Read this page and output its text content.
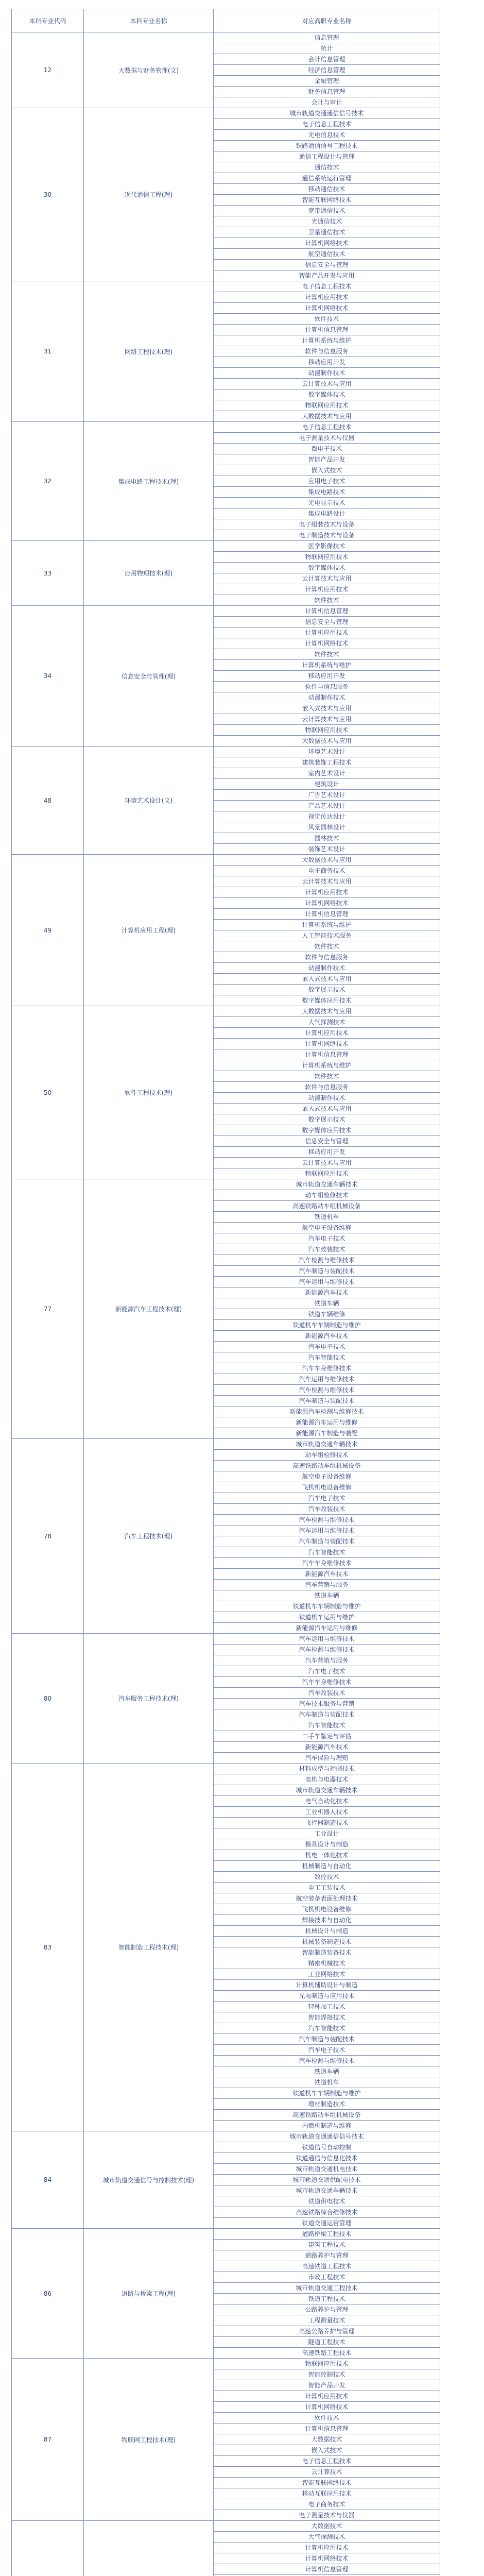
本科专业代码	本科专业名称	对应高职专业名称
12	大数据与财务管理(文)	信息管理
		统计
		会计信息管理
		经济信息管理
		金融管理
		财务信息管理
		会计与审计
30	现代通信工程(理)	城市轨道交通通信信号技术
		电子信息工程技术
		光电信息技术
		铁路通信信号工程技术
		通信工程设计与管理
		通信技术
		通信系统运行管理
		移动通信技术
		智能互联网络技术
		宽带通信技术
		光通信技术
		卫星通信技术
		计算机网络技术
		航空通信技术
		信息安全与管理
		智能产品开发与应用
31	网络工程技术(理)	电子信息工程技术
		计算机应用技术
		计算机网络技术
		软件技术
		计算机信息管理
		计算机系统与维护
		软件与信息服务
		移动应用开发
		动漫制作技术
		云计算技术与应用
		数字媒体技术
		物联网应用技术
		大数据技术与应用
32	集成电路工程技术(理)	电子信息工程技术
		电子测量技术与仪器
		微电子技术
		智能产品开发
		嵌入式技术
		应用电子技术
		集成电路技术
		光电显示技术
		集成电路设计
		电子组装技术与设备
		电子制造技术与设备
33	应用物理技术(理)	医学影像技术
		物联网应用技术
		数字媒体技术
		云计算技术与应用
		计算机应用技术
		软件技术
34	信息安全与管理(理)	计算机信息管理
		信息安全与管理
		计算机应用技术
		计算机网络技术
		软件技术
		计算机系统与维护
		移动应用开发
		软件与信息服务
		动漫制作技术
		嵌入式技术与应用
		云计算技术与应用
		物联网应用技术
		大数据技术与应用
48	环境艺术设计(文)	环境艺术设计
		建筑装饰工程技术
		室内艺术设计
		建筑设计
		广告艺术设计
		产品艺术设计
		视觉传达设计
		风景园林设计
		园林技术
		装饰艺术设计
49	计算机应用工程(理)	大数据技术与应用
		电子商务技术
		云计算技术与应用
		计算机应用技术
		计算机网络技术
		计算机信息管理
		计算机系统与维护
		人工智能技术服务
		软件技术
		软件与信息服务
		动漫制作技术
		嵌入式技术与应用
		数字展示技术
		数字媒体应用技术
50	软件工程技术(理)	大数据技术与应用
		大气探测技术
		计算机应用技术
		计算机网络技术
		计算机信息管理
		计算机系统与维护
		软件技术
		软件与信息服务
		动漫制作技术
		嵌入式技术与应用
		数字展示技术
		数字媒体应用技术
		信息安全与管理
		移动应用开发
		云计算技术与应用
		物联网应用技术
77	新能源汽车工程技术(理)	城市轨道交通车辆技术
		动车组检修技术
		高速铁路动车组机械设备
		铁道机车
		航空电子设备维修
		汽车电子技术
		汽车改装技术
		汽车检测与维修技术
		汽车制造与装配技术
		汽车运用与维修技术
		新能源汽车技术
		铁道车辆
		铁道车辆维修
		铁道机车车辆制造与维护
		新能源汽车技术
		汽车电子技术
		汽车智能技术
		汽车车身维修技术
		汽车运用与维修技术
		汽车检测与维修技术
		汽车制造与装配技术
		新能源汽车检测与维修技术
		新能源汽车运用与维修
		新能源汽车制造与装配
78	汽车工程技术(理)	城市轨道交通车辆技术
		动车组检修技术
		高速铁路动车组机械设备
		航空电子设备维修
		飞机机电设备维修
		汽车电子技术
		汽车改装技术
		汽车检测与维修技术
		汽车运用与维修技术
		汽车制造与装配技术
		汽车智能技术
		汽车车身维修技术
		新能源汽车技术
		汽车营销与服务
		铁道车辆
		铁道机车车辆制造与维护
		铁道机车运用与维护
		新能源汽车运用与维修
80	汽车服务工程技术(理)	汽车运用与维修技术
		汽车检测与维修技术
		汽车营销与服务
		汽车电子技术
		汽车车身维修技术
		汽车改装技术
		汽车技术服务与营销
		汽车制造与装配技术
		汽车智能技术
		二手车鉴定与评估
		新能源汽车技术
		汽车保险与理赔
83	智能制造工程技术(理)	材料成型与控制技术
		电机与电器技术
		城市轨道交通车辆技术
		电气自动化技术
		工业机器人技术
		飞行器制造技术
		工业设计
		模具设计与制造
		机电一体化技术
		机械制造与自动化
		数控技术
		电工工装技术
		航空装备表面处理技术
		飞机机电设备维修
		焊接技术与自动化
		机械设计与制造
		机械装备制造技术
		智能制造装备技术
		精密机械技术
		工业网络技术
		计算机辅助设计与制造
		光电制造与应用技术
		特种加工技术
		智能焊接技术
		汽车智能技术
		汽车制造与装配技术
		汽车电子技术
		汽车检测与维修技术
		铁道车辆
		铁道机车
		铁道机车车辆制造与维护
		增材制造技术
		高速铁路动车组机械设备
		内燃机制造与维修
84	城市轨道交通信号与控制技术(理)	城市轨道交通通信信号技术
		铁道信号自动控制
		铁道通信与信息化技术
		城市轨道交通机电技术
		城市轨道交通供配电技术
		城市轨道交通车辆技术
		铁道供电技术
		高速铁路综合维修技术
		铁道交通运营管理
86	道路与桥梁工程(理)	道路桥梁工程技术
		建筑工程技术
		道路养护与管理
		高速铁道工程技术
		市政工程技术
		城市轨道交通工程技术
		铁道工程技术
		公路养护与管理
		工程测量技术
		高速公路养护与管理
		隧道工程技术
		高速铁路工程技术
87	物联网工程技术(理)	物联网应用技术
		智能控制技术
		智能产品开发
		计算机应用技术
		计算机网络技术
		软件技术
		计算机信息管理
		大数据技术
		嵌入式技术
		电子信息工程技术
		云计算技术
		智能互联网络技术
		移动互联应用技术
		电子商务技术
		电子测量技术与仪器
		大数据技术
		大气探测技术
		计算机应用技术
		计算机网络技术
		计算机信息管理
